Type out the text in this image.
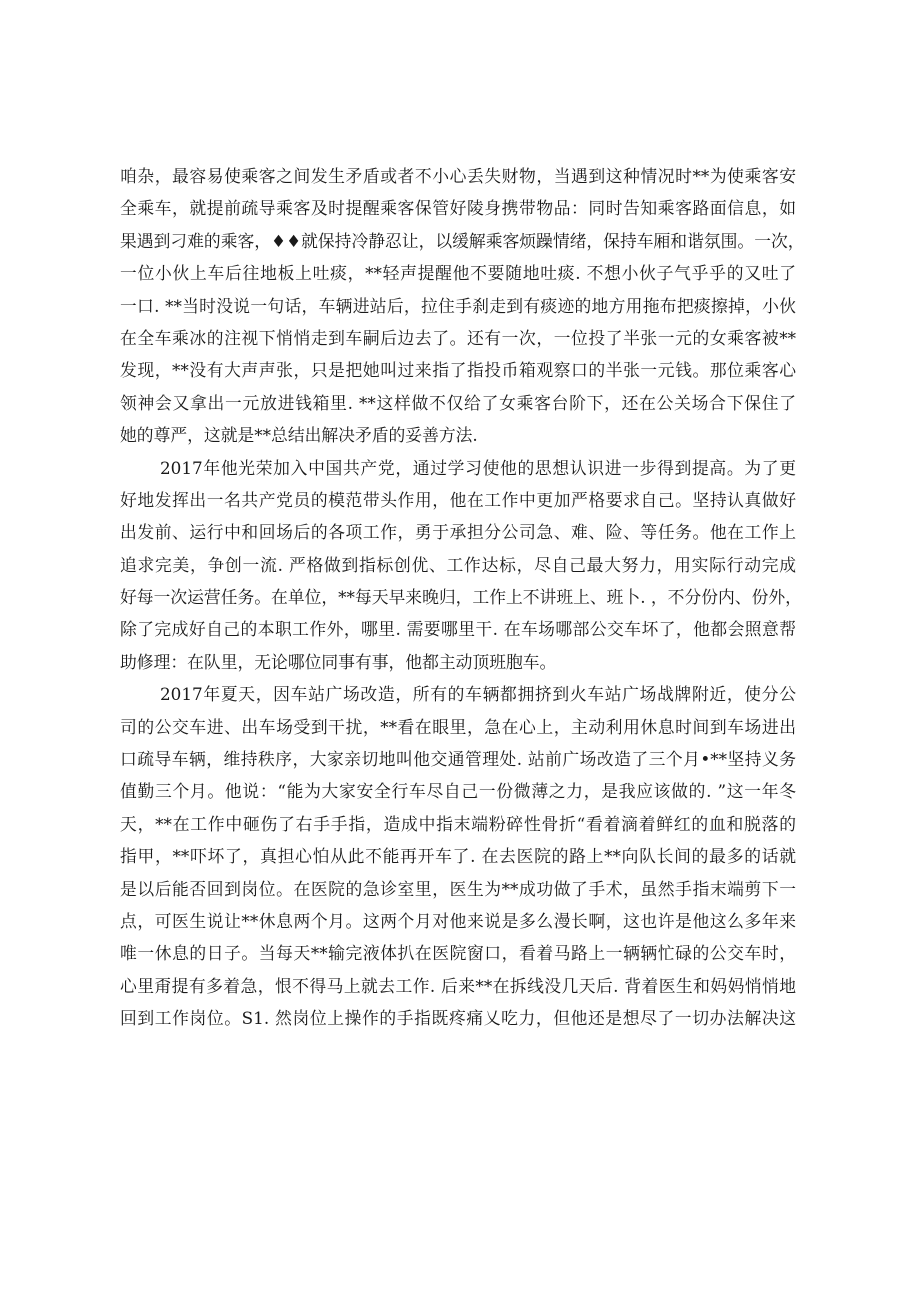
咱杂，最容易使乘客之间发生矛盾或者不小心丢失财物，当遇到这种情况时**为使乘客安
全乘车，就提前疏导乘客及时提醒乘客保管好陵身携带物品：同时告知乘客路面信息，如
果遇到刁难的乘客，♦♦就保持冷静忍让，以缓解乘客烦躁情绪，保持车厢和谐氛围。一次，
一位小伙上车后往地板上吐痰，**轻声提醒他不要随地吐痰. 不想小伙子气乎乎的又吐了
一口. **当时没说一句话，车辆进站后，拉住手刹走到有痰迹的地方用拖布把痰擦掉，小伙
在全车乘冰的注视下悄悄走到车嗣后边去了。还有一次，一位投了半张一元的女乘客被**
发现，**没有大声声张，只是把她叫过来指了指投币箱观察口的半张一元钱。那位乘客心
领神会又拿出一元放进钱箱里. **这样做不仅给了女乘客台阶下，还在公关场合下保住了
她的尊严，这就是**总结出解决矛盾的妥善方法.
2017年他光荣加入中国共产党，通过学习使他的思想认识进一步得到提高。为了更
好地发挥出一名共产党员的模范带头作用，他在工作中更加严格要求自己。坚持认真做好
出发前、运行中和回场后的各项工作，勇于承担分公司急、难、险、等任务。他在工作上
追求完美，争创一流. 严格做到指标创优、工作达标，尽自己最大努力，用实际行动完成
好每一次运营任务。在单位，**每天早来晚归，工作上不讲班上、班卜. ，不分份内、份外，
除了完成好自己的本职工作外，哪里. 需要哪里干. 在车场哪部公交车坏了，他都会照意帮
助修理：在队里，无论哪位同事有事，他都主动顶班胞车。
2017年夏天，因车站广场改造，所有的车辆都拥挤到火车站广场战牌附近，使分公
司的公交车进、出车场受到干扰，**看在眼里，急在心上，主动利用休息时间到车场进出
口疏导车辆，维持秩序，大家亲切地叫他交通管理处. 站前广场改造了三个月•**坚持义务
值勤三个月。他说：“能为大家安全行车尽自己一份微薄之力，是我应该做的. ”这一年冬
天，**在工作中砸伤了右手手指，造成中指末端粉碎性骨折“看着滴着鲜红的血和脱落的
指甲，**吓坏了，真担心怕从此不能再开车了. 在去医院的路上**向队长间的最多的话就
是以后能否回到岗位。在医院的急诊室里，医生为**成功做了手术，虽然手指末端剪下一
点，可医生说让**休息两个月。这两个月对他来说是多么漫长啊，这也许是他这么多年来
唯一休息的日子。当每天**输完液体扒在医院窗口，看着马路上一辆辆忙碌的公交车时，
心里甭提有多着急，恨不得马上就去工作. 后来**在拆线没几天后. 背着医生和妈妈悄悄地
回到工作岗位。S1. 然岗位上操作的手指既疼痛乂吃力，但他还是想尽了一切办法解决这
